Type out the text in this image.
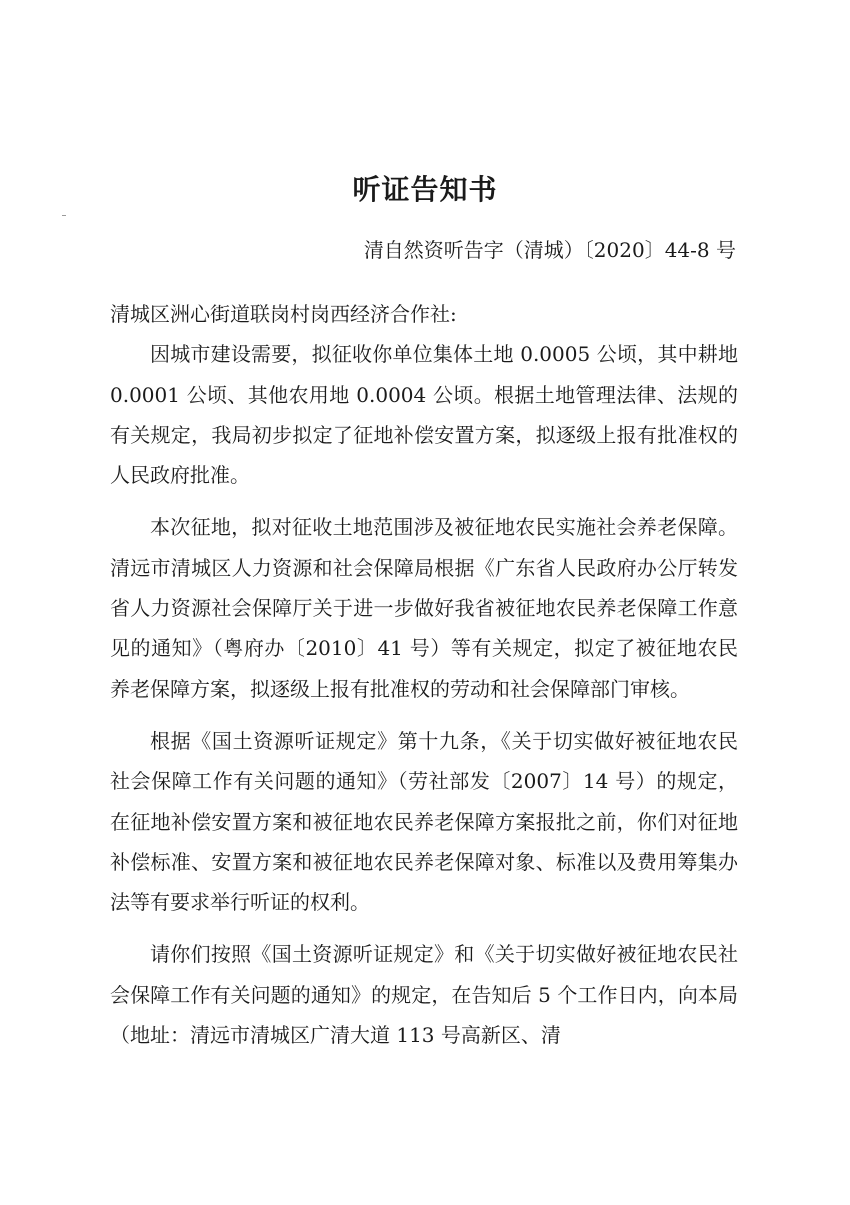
听证告知书
清自然资听告字（清城）〔2020〕44-8 号

清城区洲心街道联岗村岗西经济合作社:

因城市建设需要，拟征收你单位集体土地 0.0005 公顷，其中耕地 0.0001 公顷、其他农用地 0.0004 公顷。根据土地管理法律、法规的有关规定，我局初步拟定了征地补偿安置方案，拟逐级上报有批准权的人民政府批准。

本次征地，拟对征收土地范围涉及被征地农民实施社会养老保障。清远市清城区人力资源和社会保障局根据《广东省人民政府办公厅转发省人力资源社会保障厅关于进一步做好我省被征地农民养老保障工作意见的通知》（粤府办〔2010〕41 号）等有关规定，拟定了被征地农民养老保障方案，拟逐级上报有批准权的劳动和社会保障部门审核。

根据《国土资源听证规定》第十九条，《关于切实做好被征地农民社会保障工作有关问题的通知》（劳社部发〔2007〕14 号）的规定，在征地补偿安置方案和被征地农民养老保障方案报批之前，你们对征地补偿标准、安置方案和被征地农民养老保障对象、标准以及费用筹集办法等有要求举行听证的权利。

请你们按照《国土资源听证规定》和《关于切实做好被征地农民社会保障工作有关问题的通知》的规定，在告知后 5 个工作日内，向本局（地址：清远市清城区广清大道 113 号高新区、清
